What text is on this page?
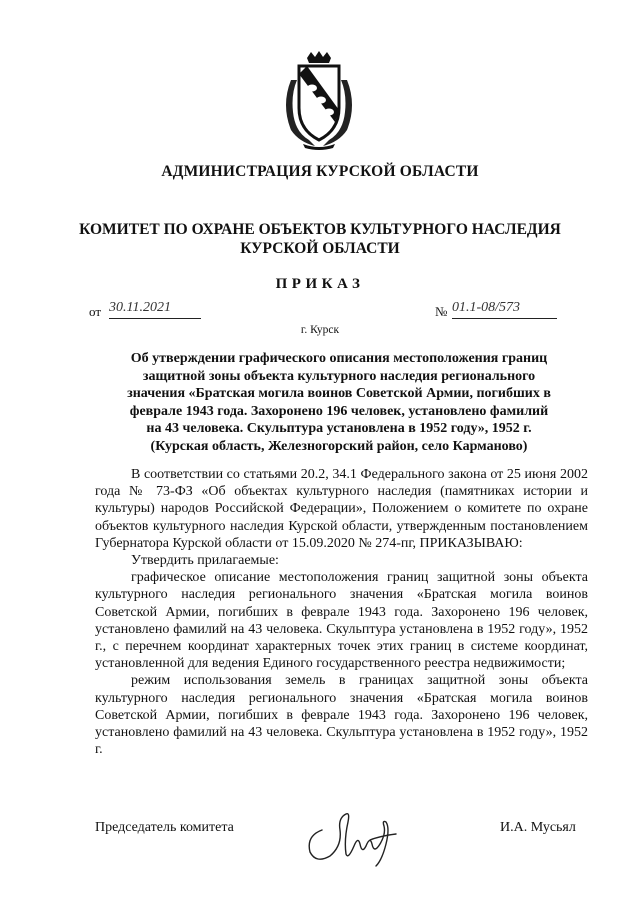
АДМИНИСТРАЦИЯ КУРСКОЙ ОБЛАСТИ
КОМИТЕТ ПО ОХРАНЕ ОБЪЕКТОВ КУЛЬТУРНОГО НАСЛЕДИЯ
КУРСКОЙ ОБЛАСТИ
ПРИКАЗ
от 30.11.2021	№ 01.1-08/573
г. Курск
Об утверждении графического описания местоположения границ
защитной зоны объекта культурного наследия регионального
значения «Братская могила воинов Советской Армии, погибших в
феврале 1943 года. Захоронено 196 человек, установлено фамилий
на 43 человека. Скульптура установлена в 1952 году», 1952 г.
(Курская область, Железногорский район, село Карманово)

В соответствии со статьями 20.2, 34.1 Федерального закона от 25 июня 2002 года № 73-ФЗ «Об объектах культурного наследия (памятниках истории и культуры) народов Российской Федерации», Положением о комитете по охране объектов культурного наследия Курской области, утвержденным постановлением Губернатора Курской области от 15.09.2020 № 274-пг, ПРИКАЗЫВАЮ:

Утвердить прилагаемые:

графическое описание местоположения границ защитной зоны объекта культурного наследия регионального значения «Братская могила воинов Советской Армии, погибших в феврале 1943 года. Захоронено 196 человек, установлено фамилий на 43 человека. Скульптура установлена в 1952 году», 1952 г., с перечнем координат характерных точек этих границ в системе координат, установленной для ведения Единого государственного реестра недвижимости;

режим использования земель в границах защитной зоны объекта культурного наследия регионального значения «Братская могила воинов Советской Армии, погибших в феврале 1943 года. Захоронено 196 человек, установлено фамилий на 43 человека. Скульптура установлена в 1952 году», 1952 г.

Председатель комитета	И.А. Мусьял
